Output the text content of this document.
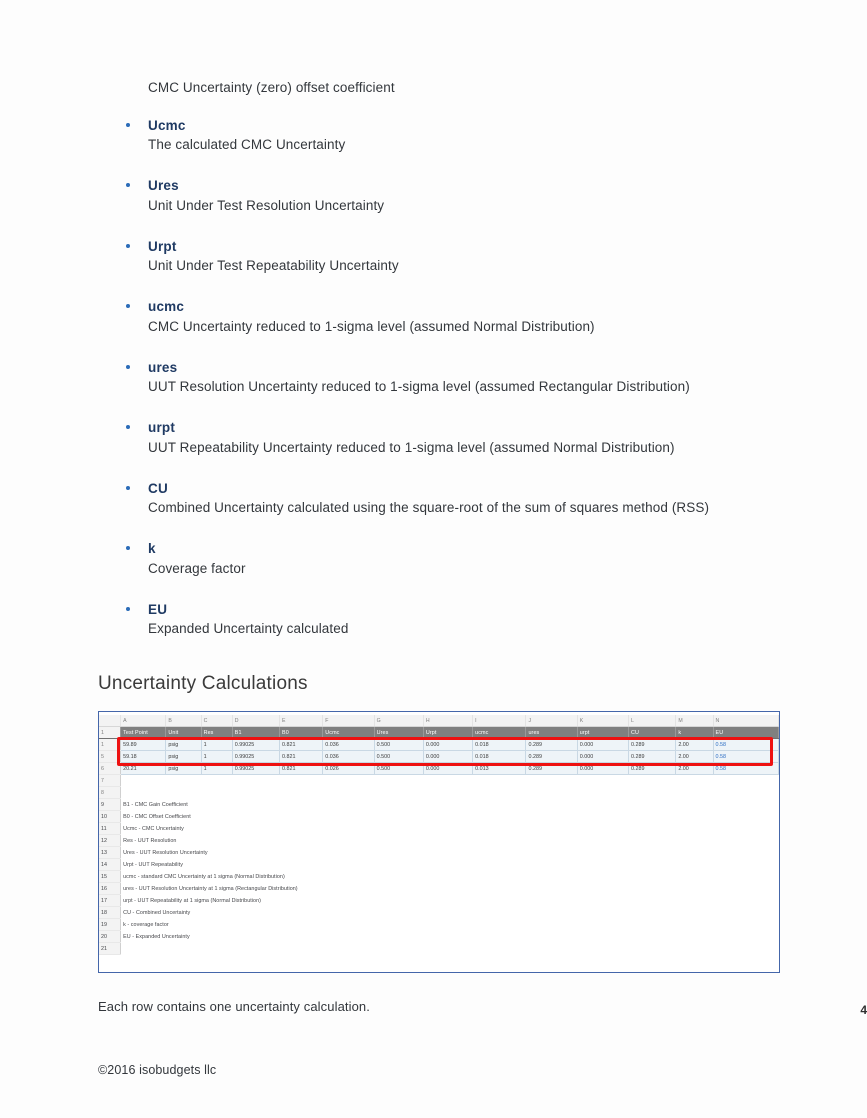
CMC Uncertainty (zero) offset coefficient
Ucmc
The calculated CMC Uncertainty
Ures
Unit Under Test Resolution Uncertainty
Urpt
Unit Under Test Repeatability Uncertainty
ucmc
CMC Uncertainty reduced to 1-sigma level (assumed Normal Distribution)
ures
UUT Resolution Uncertainty reduced to 1-sigma level (assumed Rectangular Distribution)
urpt
UUT Repeatability Uncertainty reduced to 1-sigma level (assumed Normal Distribution)
CU
Combined Uncertainty calculated using the square-root of the sum of squares method (RSS)
k
Coverage factor
EU
Expanded Uncertainty calculated
Uncertainty Calculations
	A	B	C	D	E	F	G	H	I	J	K	L	M	N
1	Test Point	Unit	Res	B1	B0	Ucmc	Ures	Urpt	ucmc	ures	urpt	CU	k	EU
1	59.89	psig	1	0.99025	0.821	0.036	0.500	0.000	0.018	0.289	0.000	0.289	2.00	0.58
5	59.18	psig	1	0.99025	0.821	0.036	0.500	0.000	0.018	0.289	0.000	0.289	2.00	0.58
6	20.21	psig	1	0.99025	0.821	0.026	0.500	0.000	0.013	0.289	0.000	0.289	2.00	0.58
7														
8														
9	B1 - CMC Gain Coefficient													
10	B0 - CMC Offset Coefficient													
11	Ucmc - CMC Uncertainty													
12	Res - UUT Resolution													
13	Ures - UUT Resolution Uncertainty													
14	Urpt - UUT Repeatability													
15	ucmc - standard CMC Uncertainty at 1 sigma (Normal Distribution)													
16	ures - UUT Resolution Uncertainty at 1 sigma (Rectangular Distribution)													
17	urpt - UUT Repeatability at 1 sigma (Normal Distribution)													
18	CU - Combined Uncertainty													
19	k - coverage factor													
20	EU - Expanded Uncertainty													
21														
Each row contains one uncertainty calculation.	4
©2016 isobudgets llc
